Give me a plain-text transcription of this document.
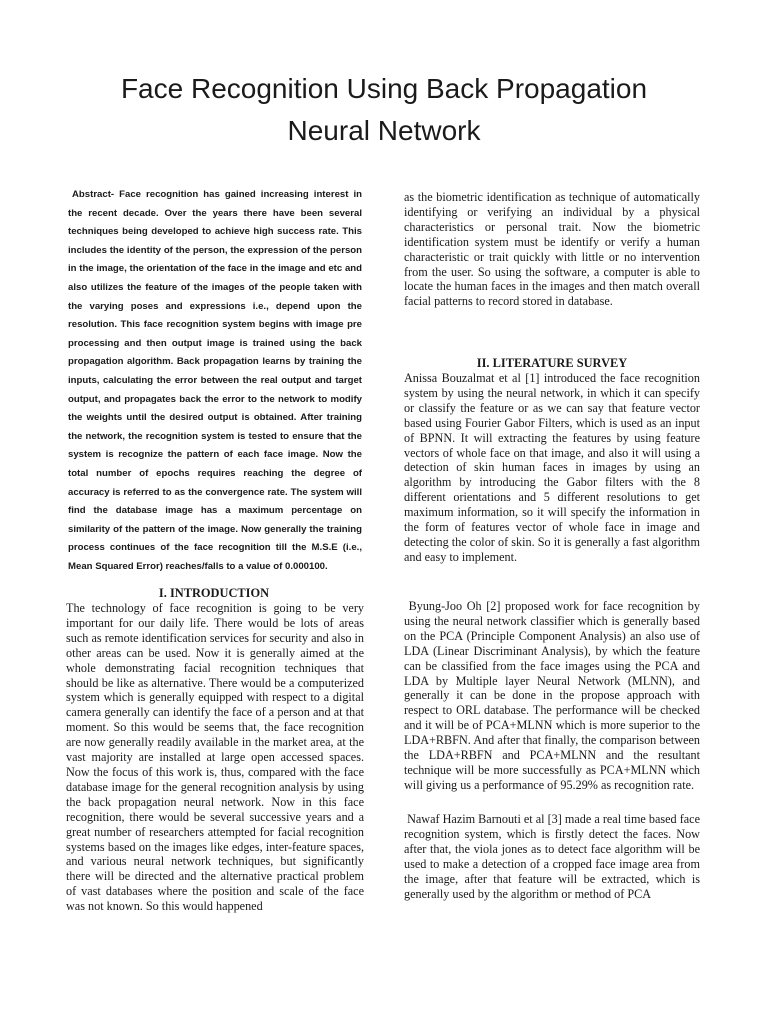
Face Recognition Using Back Propagation
Neural Network

Abstract- Face recognition has gained increasing interest in the recent decade. Over the years there have been several techniques being developed to achieve high success rate. This includes the identity of the person, the expression of the person in the image, the orientation of the face in the image and etc and also utilizes the feature of the images of the people taken with the varying poses and expressions i.e., depend upon the resolution. This face recognition system begins with image pre processing and then output image is trained using the back propagation algorithm. Back propagation learns by training the inputs, calculating the error between the real output and target output, and propagates back the error to the network to modify the weights until the desired output is obtained. After training the network, the recognition system is tested to ensure that the system is recognize the pattern of each face image. Now the total number of epochs requires reaching the degree of accuracy is referred to as the convergence rate. The system will find the database image has a maximum percentage on similarity of the pattern of the image. Now generally the training process continues of the face recognition till the M.S.E (i.e., Mean Squared Error) reaches/falls to a value of 0.000100.

I. INTRODUCTION

The technology of face recognition is going to be very important for our daily life. There would be lots of areas such as remote identification services for security and also in other areas can be used. Now it is generally aimed at the whole demonstrating facial recognition techniques that should be like as alternative. There would be a computerized system which is generally equipped with respect to a digital camera generally can identify the face of a person and at that moment. So this would be seems that, the face recognition are now generally readily available in the market area, at the vast majority are installed at large open accessed spaces. Now the focus of this work is, thus, compared with the face database image for the general recognition analysis by using the back propagation neural network. Now in this face recognition, there would be several successive years and a great number of researchers attempted for facial recognition systems based on the images like edges, inter-feature spaces, and various neural network techniques, but significantly there will be directed and the alternative practical problem of vast databases where the position and scale of the face was not known. So this would happened

as the biometric identification as technique of automatically identifying or verifying an individual by a physical characteristics or personal trait. Now the biometric identification system must be identify or verify a human characteristic or trait quickly with little or no intervention from the user. So using the software, a computer is able to locate the human faces in the images and then match overall facial patterns to record stored in database.

II. LITERATURE SURVEY

Anissa Bouzalmat et al [1] introduced the face recognition system by using the neural network, in which it can specify or classify the feature or as we can say that feature vector based using Fourier Gabor Filters, which is used as an input of BPNN. It will extracting the features by using feature vectors of whole face on that image, and also it will using a detection of skin human faces in images by using an algorithm by introducing the Gabor filters with the 8 different orientations and 5 different resolutions to get maximum information, so it will specify the information in the form of features vector of whole face in image and detecting the color of skin. So it is generally a fast algorithm and easy to implement.

Byung-Joo Oh [2] proposed work for face recognition by using the neural network classifier which is generally based on the PCA (Principle Component Analysis) an also use of LDA (Linear Discriminant Analysis), by which the feature can be classified from the face images using the PCA and LDA by Multiple layer Neural Network (MLNN), and generally it can be done in the propose approach with respect to ORL database. The performance will be checked and it will be of PCA+MLNN which is more superior to the LDA+RBFN. And after that finally, the comparison between the LDA+RBFN and PCA+MLNN and the resultant technique will be more successfully as PCA+MLNN which will giving us a performance of 95.29% as recognition rate.

Nawaf Hazim Barnouti et al [3] made a real time based face recognition system, which is firstly detect the faces. Now after that, the viola jones as to detect face algorithm will be used to make a detection of a cropped face image area from the image, after that feature will be extracted, which is generally used by the algorithm or method of PCA
